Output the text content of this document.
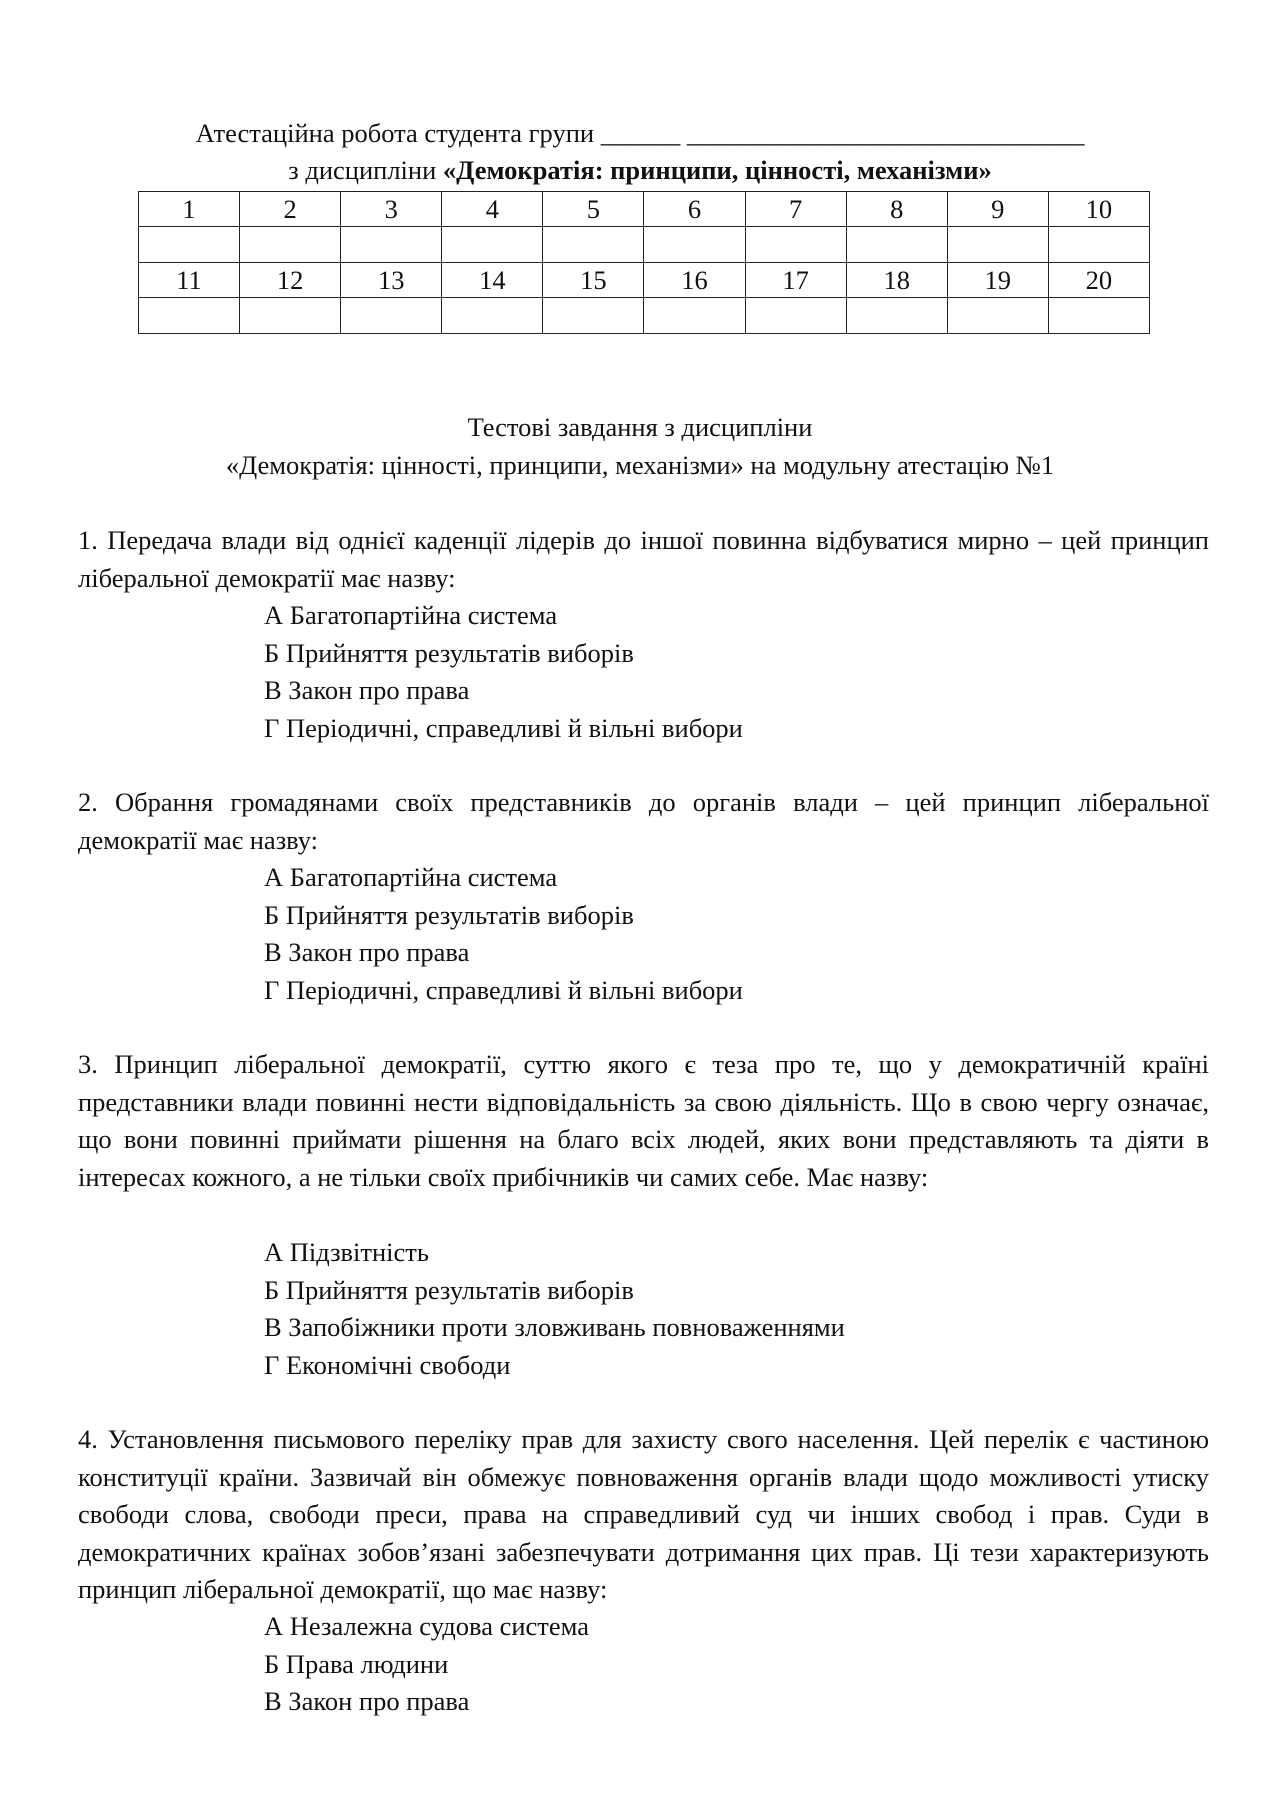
Атестаційна робота студента групи ______ ______________________________
з дисципліни «Демократія: принципи, цінності, механізми»
1	2	3	4	5	6	7	8	9	10

11	12	13	14	15	16	17	18	19	20

Тестові завдання з дисципліни
«Демократія: цінності, принципи, механізми» на модульну атестацію №1
1. Передача влади від однієї каденції лідерів до іншої повинна відбуватися мирно – цей принцип ліберальної демократії має назву:
А Багатопартійна система
Б Прийняття результатів виборів
В Закон про права
Г Періодичні, справедливі й вільні вибори
2. Обрання громадянами своїх представників до органів влади – цей принцип ліберальної демократії має назву:
А Багатопартійна система
Б Прийняття результатів виборів
В Закон про права
Г Періодичні, справедливі й вільні вибори
3. Принцип ліберальної демократії, суттю якого є теза про те, що у демократичній країні представники влади повинні нести відповідальність за свою діяльність. Що в свою чергу означає, що вони повинні приймати рішення на благо всіх людей, яких вони представляють та діяти в інтересах кожного, а не тільки своїх прибічників чи самих себе. Має назву:
А Підзвітність
Б Прийняття результатів виборів
В Запобіжники проти зловживань повноваженнями
Г Економічні свободи
4. Установлення письмового переліку прав для захисту свого населення. Цей перелік є частиною конституції країни. Зазвичай він обмежує повноваження органів влади щодо можливості утиску свободи слова, свободи преси, права на справедливий суд чи інших свобод і прав. Суди в демократичних країнах зобов’язані забезпечувати дотримання цих прав. Ці тези характеризують принцип ліберальної демократії, що має назву:
А Незалежна судова система
Б Права людини
В Закон про права
